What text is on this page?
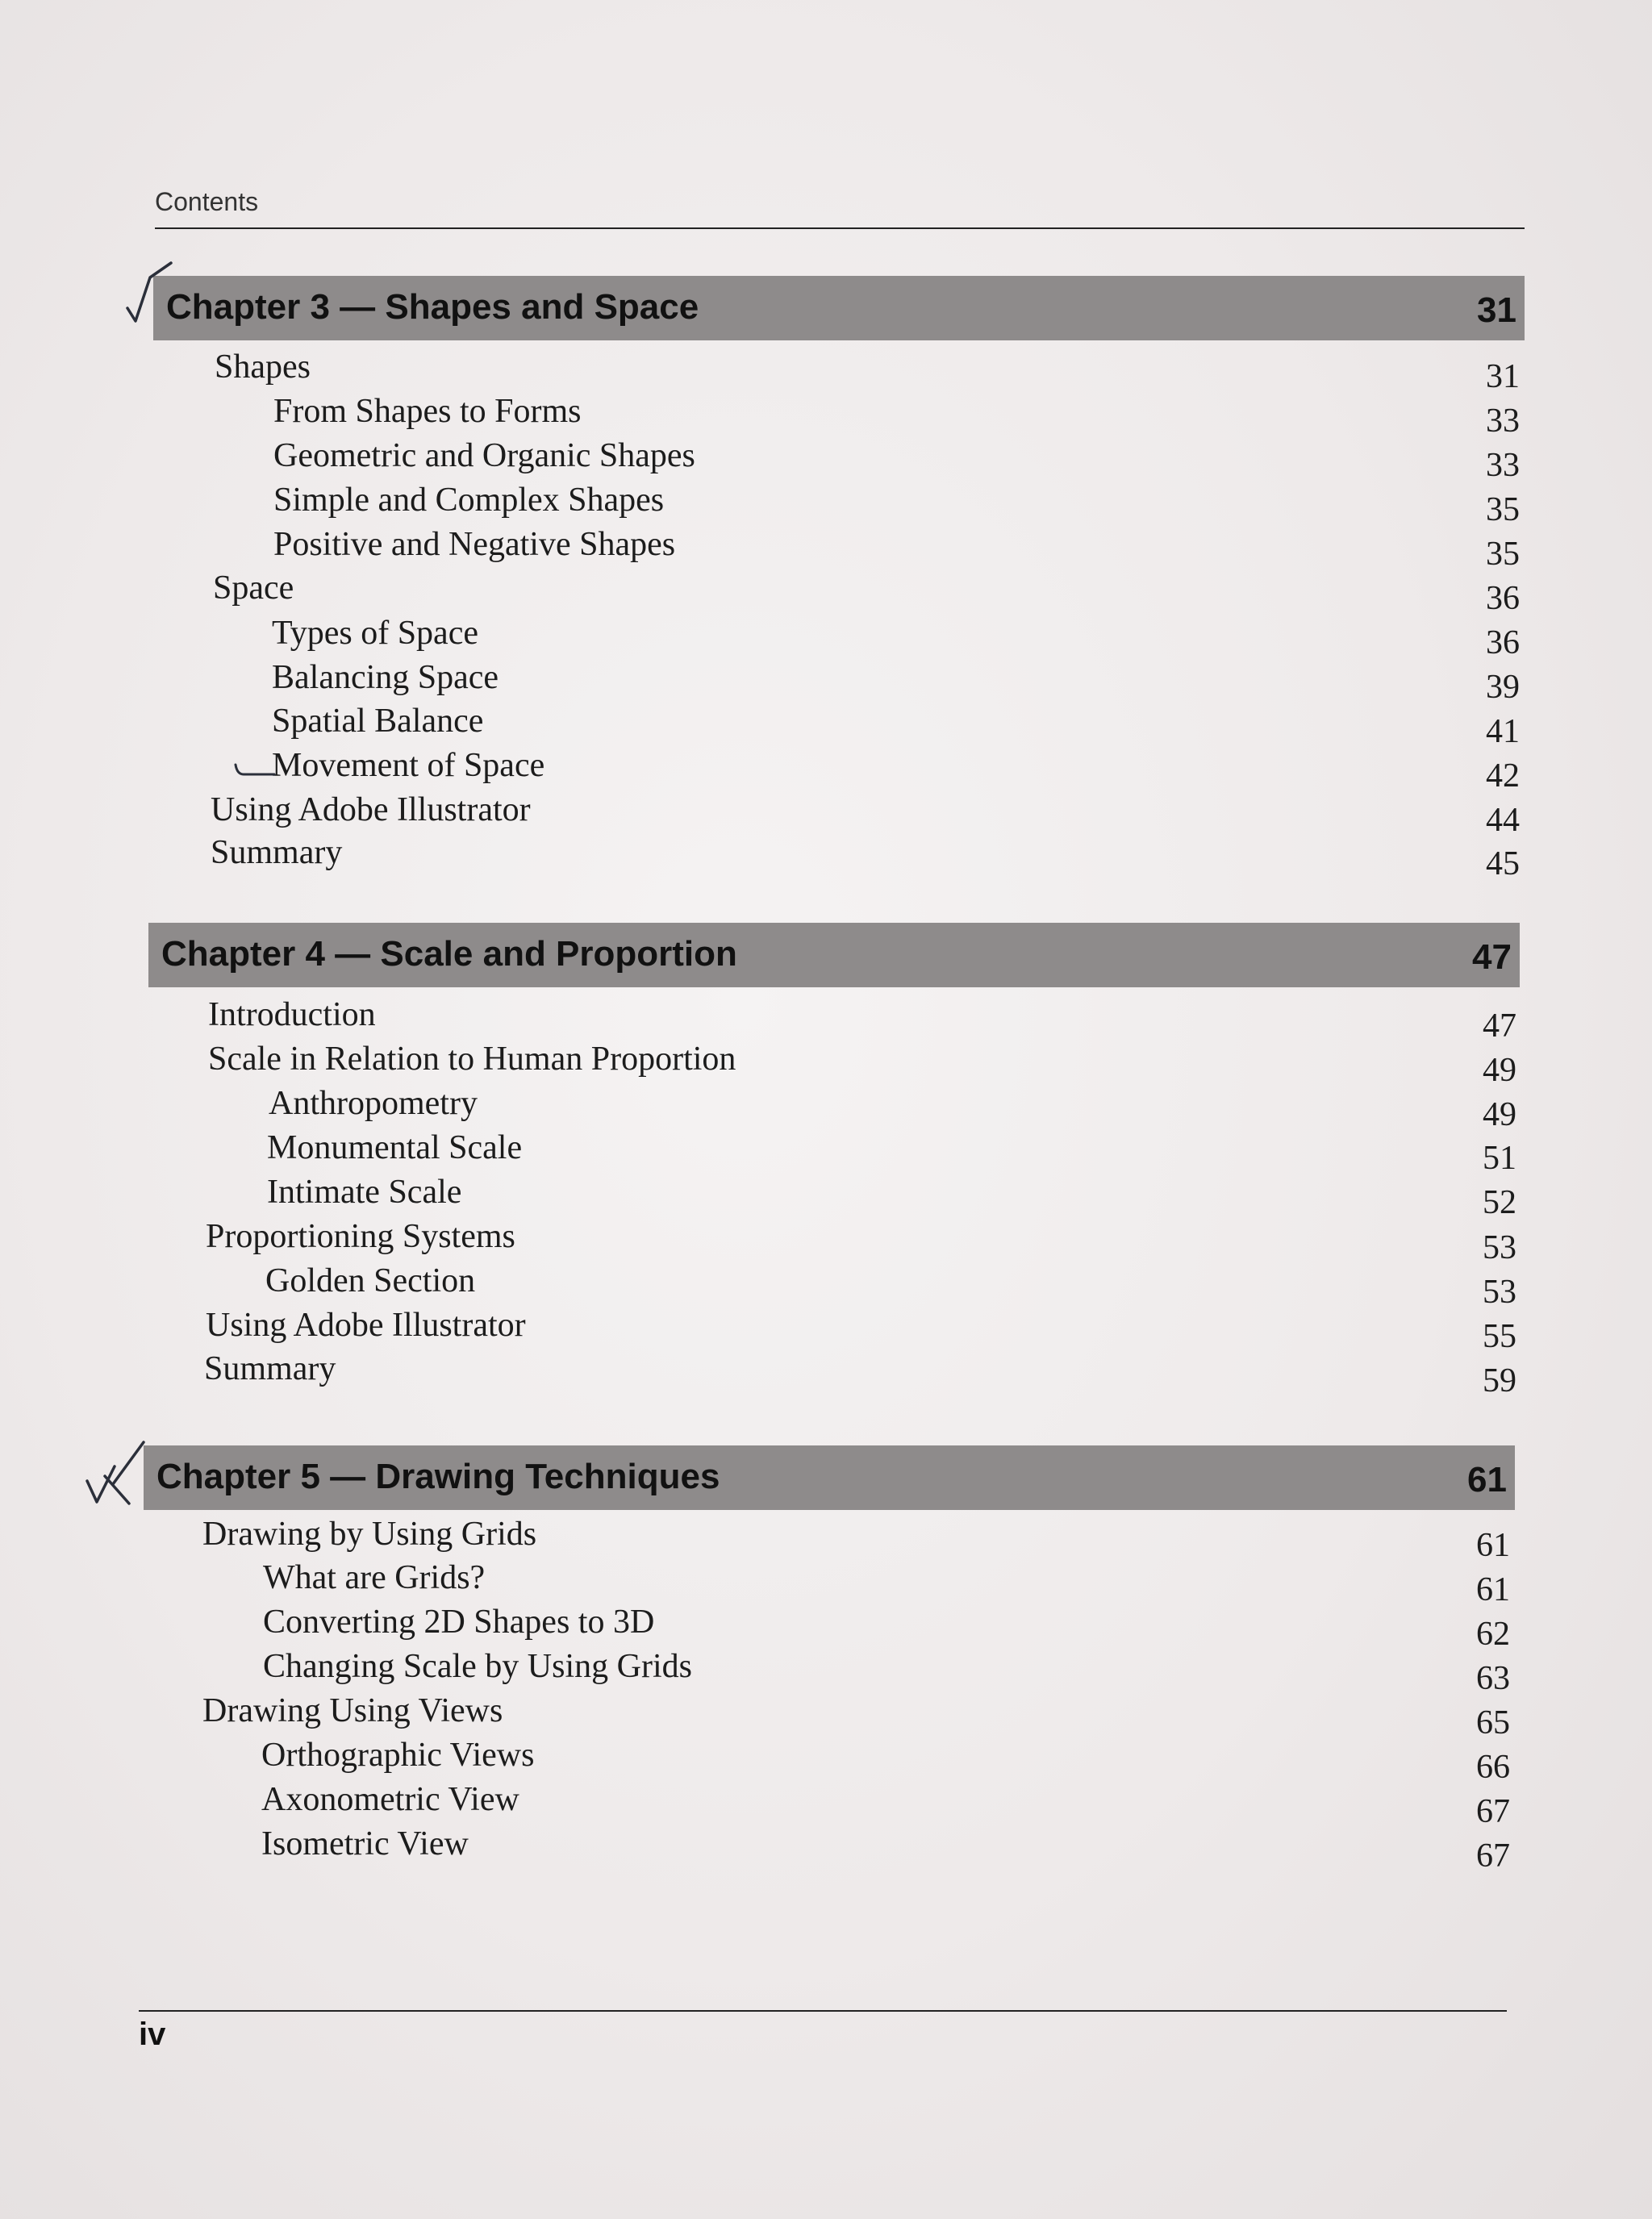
Contents
Chapter 3 — Shapes and Space	31
Shapes	31
From Shapes to Forms	33
Geometric and Organic Shapes	33
Simple and Complex Shapes	35
Positive and Negative Shapes	35
Space	36
Types of Space	36
Balancing Space	39
Spatial Balance	41
Movement of Space	42
Using Adobe Illustrator	44
Summary	45
Chapter 4 — Scale and Proportion	47
Introduction	47
Scale in Relation to Human Proportion	49
Anthropometry	49
Monumental Scale	51
Intimate Scale	52
Proportioning Systems	53
Golden Section	53
Using Adobe Illustrator	55
Summary	59
Chapter 5 — Drawing Techniques	61
Drawing by Using Grids	61
What are Grids?	61
Converting 2D Shapes to 3D	62
Changing Scale by Using Grids	63
Drawing Using Views	65
Orthographic Views	66
Axonometric View	67
Isometric View	67
iv
